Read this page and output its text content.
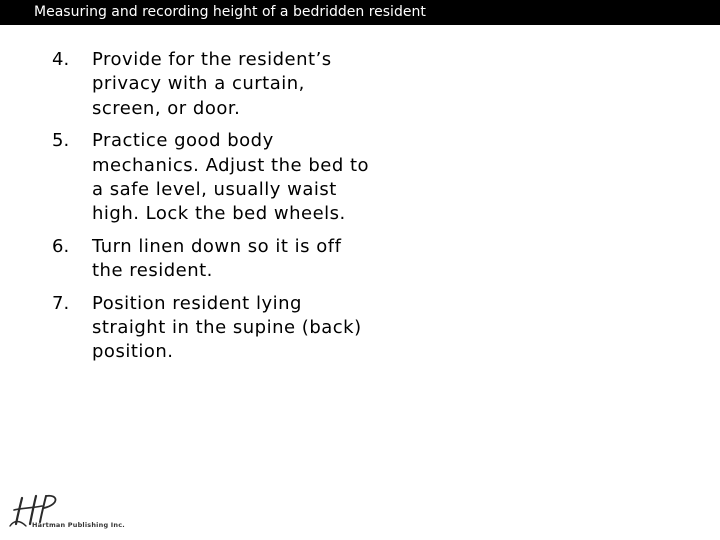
Measuring and recording height of a bedridden resident
4.	Provide for the resident’s privacy with a curtain, screen, or door.
5.	Practice good body mechanics. Adjust the bed to a safe level, usually waist high. Lock the bed wheels.
6.	Turn linen down so it is off the resident.
7.	Position resident lying straight in the supine (back) position.
Hartman Publishing Inc.
